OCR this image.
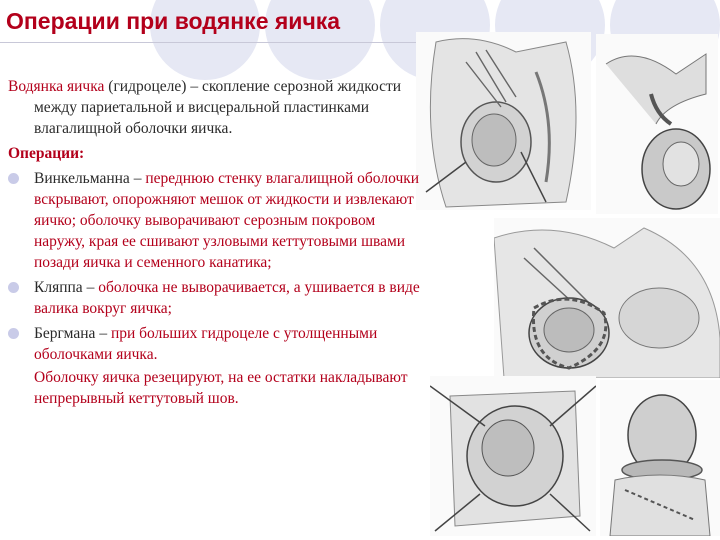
Операции при водянке яичка

Водянка яичка (гидроцеле) – скопление серозной жидкости между париетальной и висцеральной пластинками влагалищной оболочки яичка.

Операции:

Винкельманна – переднюю стенку влагалищной оболочки вскрывают, опорожняют мешок от жидкости и извлекают яичко; оболочку выворачивают серозным покровом наружу, края ее сшивают узловыми кеттутовыми швами позади яичка и семенного канатика;
Кляппа – оболочка не выворачивается, а ушивается в виде валика вокруг яичка;
Бергмана – при больших гидроцеле с утолщенными оболочками яичка.

Оболочку яичка резецируют, на ее остатки накладывают непрерывный кеттутовый шов.
